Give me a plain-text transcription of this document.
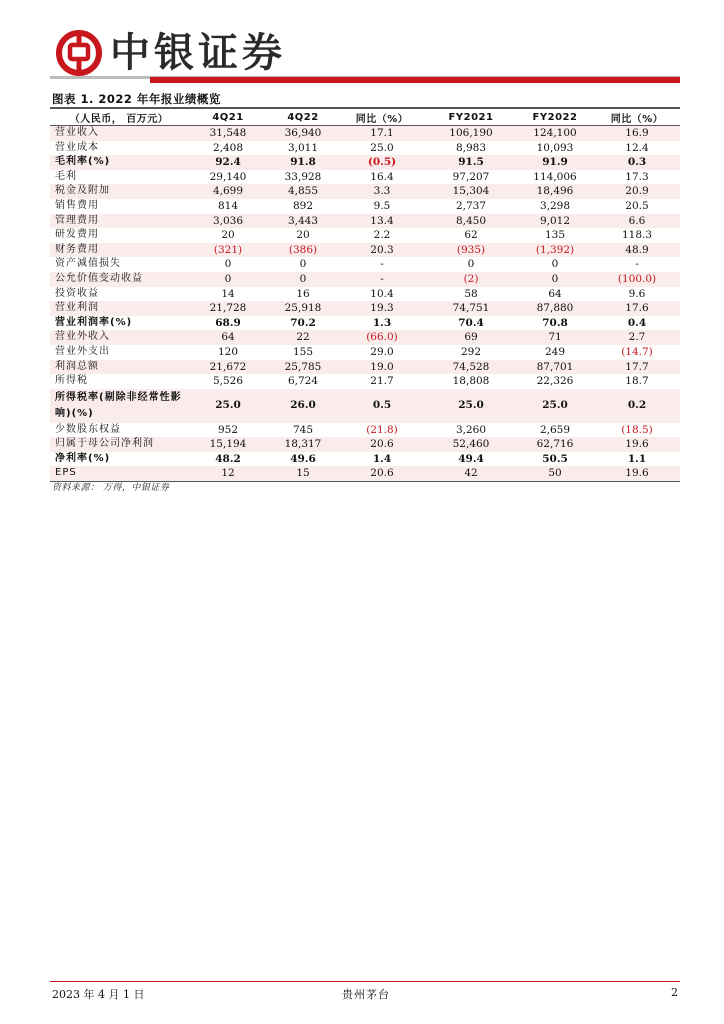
中银证券
图表 1. 2022 年年报业绩概览
（人民币， 百万元）	4Q21	4Q22	同比（%）	FY2021	FY2022	同比（%）
营业收入	31,548	36,940	17.1	106,190	124,100	16.9
营业成本	2,408	3,011	25.0	8,983	10,093	12.4
毛利率(%)	92.4	91.8	(0.5)	91.5	91.9	0.3
毛利	29,140	33,928	16.4	97,207	114,006	17.3
税金及附加	4,699	4,855	3.3	15,304	18,496	20.9
销售费用	814	892	9.5	2,737	3,298	20.5
管理费用	3,036	3,443	13.4	8,450	9,012	6.6
研发费用	20	20	2.2	62	135	118.3
财务费用	(321)	(386)	20.3	(935)	(1,392)	48.9
资产减值损失	0	0	-	0	0	-
公允价值变动收益	0	0	-	(2)	0	(100.0)
投资收益	14	16	10.4	58	64	9.6
营业利润	21,728	25,918	19.3	74,751	87,880	17.6
营业利润率(%)	68.9	70.2	1.3	70.4	70.8	0.4
营业外收入	64	22	(66.0)	69	71	2.7
营业外支出	120	155	29.0	292	249	(14.7)
利润总额	21,672	25,785	19.0	74,528	87,701	17.7
所得税	5,526	6,724	21.7	18,808	22,326	18.7
所得税率(剔除非经常性影响)(%)	25.0	26.0	0.5	25.0	25.0	0.2
少数股东权益	952	745	(21.8)	3,260	2,659	(18.5)
归属于母公司净利润	15,194	18,317	20.6	52,460	62,716	19.6
净利率(%)	48.2	49.6	1.4	49.4	50.5	1.1
EPS	12	15	20.6	42	50	19.6
资料来源： 万得，中银证券
2023 年 4 月 1 日	贵州茅台	2
